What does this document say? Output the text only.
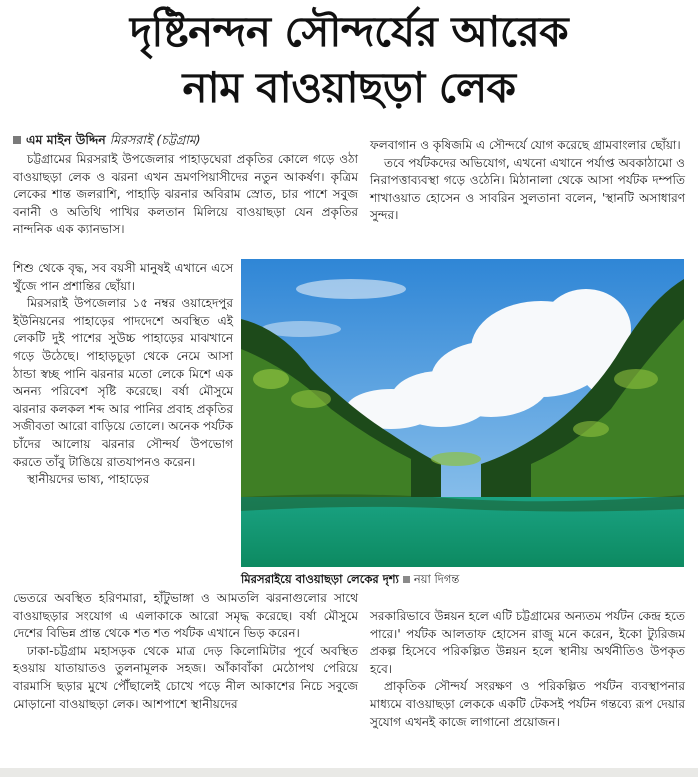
দৃষ্টিনন্দন সৌন্দর্যের আরেক
নাম বাওয়াছড়া লেক
এম মাইন উদ্দিন মিরসরাই (চট্টগ্রাম)

চট্টগ্রামের মিরসরাই উপজেলার পাহাড়ঘেরা প্রকৃতির কোলে গড়ে ওঠা বাওয়াছড়া লেক ও ঝরনা এখন ভ্রমণপিয়াসীদের নতুন আকর্ষণ। কৃত্রিম লেকের শান্ত জলরাশি, পাহাড়ি ঝরনার অবিরাম স্রোত, চার পাশে সবুজ বনানী ও অতিথি পাখির কলতান মিলিয়ে বাওয়াছড়া যেন প্রকৃতির নান্দনিক এক ক্যানভাস।

শিশু থেকে বৃদ্ধ, সব বয়সী মানুষই এখানে এসে খুঁজে পান প্রশান্তির ছোঁয়া।

মিরসরাই উপজেলার ১৫ নম্বর ওয়াহেদপুর ইউনিয়নের পাহাড়ের পাদদেশে অবস্থিত এই লেকটি দুই পাশের সুউচ্চ পাহাড়ের মাঝখানে গড়ে উঠেছে। পাহাড়চূড়া থেকে নেমে আসা ঠান্ডা স্বচ্ছ পানি ঝরনার মতো লেকে মিশে এক অনন্য পরিবেশ সৃষ্টি করেছে। বর্ষা মৌসুমে ঝরনার কলকল শব্দ আর পানির প্রবাহ প্রকৃতির সজীবতা আরো বাড়িয়ে তোলে। অনেক পর্যটক চাঁদের আলোয় ঝরনার সৌন্দর্য উপভোগ করতে তাঁবু টাঙিয়ে রাতযাপনও করেন।

স্থানীয়দের ভাষ্য, পাহাড়ের

ভেতরে অবস্থিত হরিণমারা, হাঁটুভাঙ্গা ও আমতলি ঝরনাগুলোর সাথে বাওয়াছড়ার সংযোগ এ এলাকাকে আরো সমৃদ্ধ করেছে। বর্ষা মৌসুমে দেশের বিভিন্ন প্রান্ত থেকে শত শত পর্যটক এখানে ভিড় করেন।

ঢাকা-চট্টগ্রাম মহাসড়ক থেকে মাত্র দেড় কিলোমিটার পূর্বে অবস্থিত হওয়ায় যাতায়াতও তুলনামূলক সহজ। আঁকাবাঁকা মেঠোপথ পেরিয়ে বারমাসি ছড়ার মুখে পৌঁছালেই চোখে পড়ে নীল আকাশের নিচে সবুজে মোড়ানো বাওয়াছড়া লেক। আশপাশে স্থানীয়দের

ফলবাগান ও কৃষিজমি এ সৌন্দর্যে যোগ করেছে গ্রামবাংলার ছোঁয়া।

তবে পর্যটকদের অভিযোগ, এখনো এখানে পর্যাপ্ত অবকাঠামো ও নিরাপত্তাব্যবস্থা গড়ে ওঠেনি। মিঠানালা থেকে আসা পর্যটক দম্পতি শাখাওয়াত হোসেন ও সাবরিন সুলতানা বলেন, 'স্থানটি অসাধারণ সুন্দর।

মিরসরাইয়ে বাওয়াছড়া লেকের দৃশ্য নয়া দিগন্ত

সরকারিভাবে উন্নয়ন হলে এটি চট্টগ্রামের অন্যতম পর্যটন কেন্দ্র হতে পারে।' পর্যটক আলতাফ হোসেন রাজু মনে করেন, ইকো ট্যুরিজম প্রকল্প হিসেবে পরিকল্পিত উন্নয়ন হলে স্থানীয় অর্থনীতিও উপকৃত হবে।

প্রাকৃতিক সৌন্দর্য সংরক্ষণ ও পরিকল্পিত পর্যটন ব্যবস্থাপনার মাধ্যমে বাওয়াছড়া লেককে একটি টেকসই পর্যটন গন্তব্যে রূপ দেয়ার সুযোগ এখনই কাজে লাগানো প্রয়োজন।
